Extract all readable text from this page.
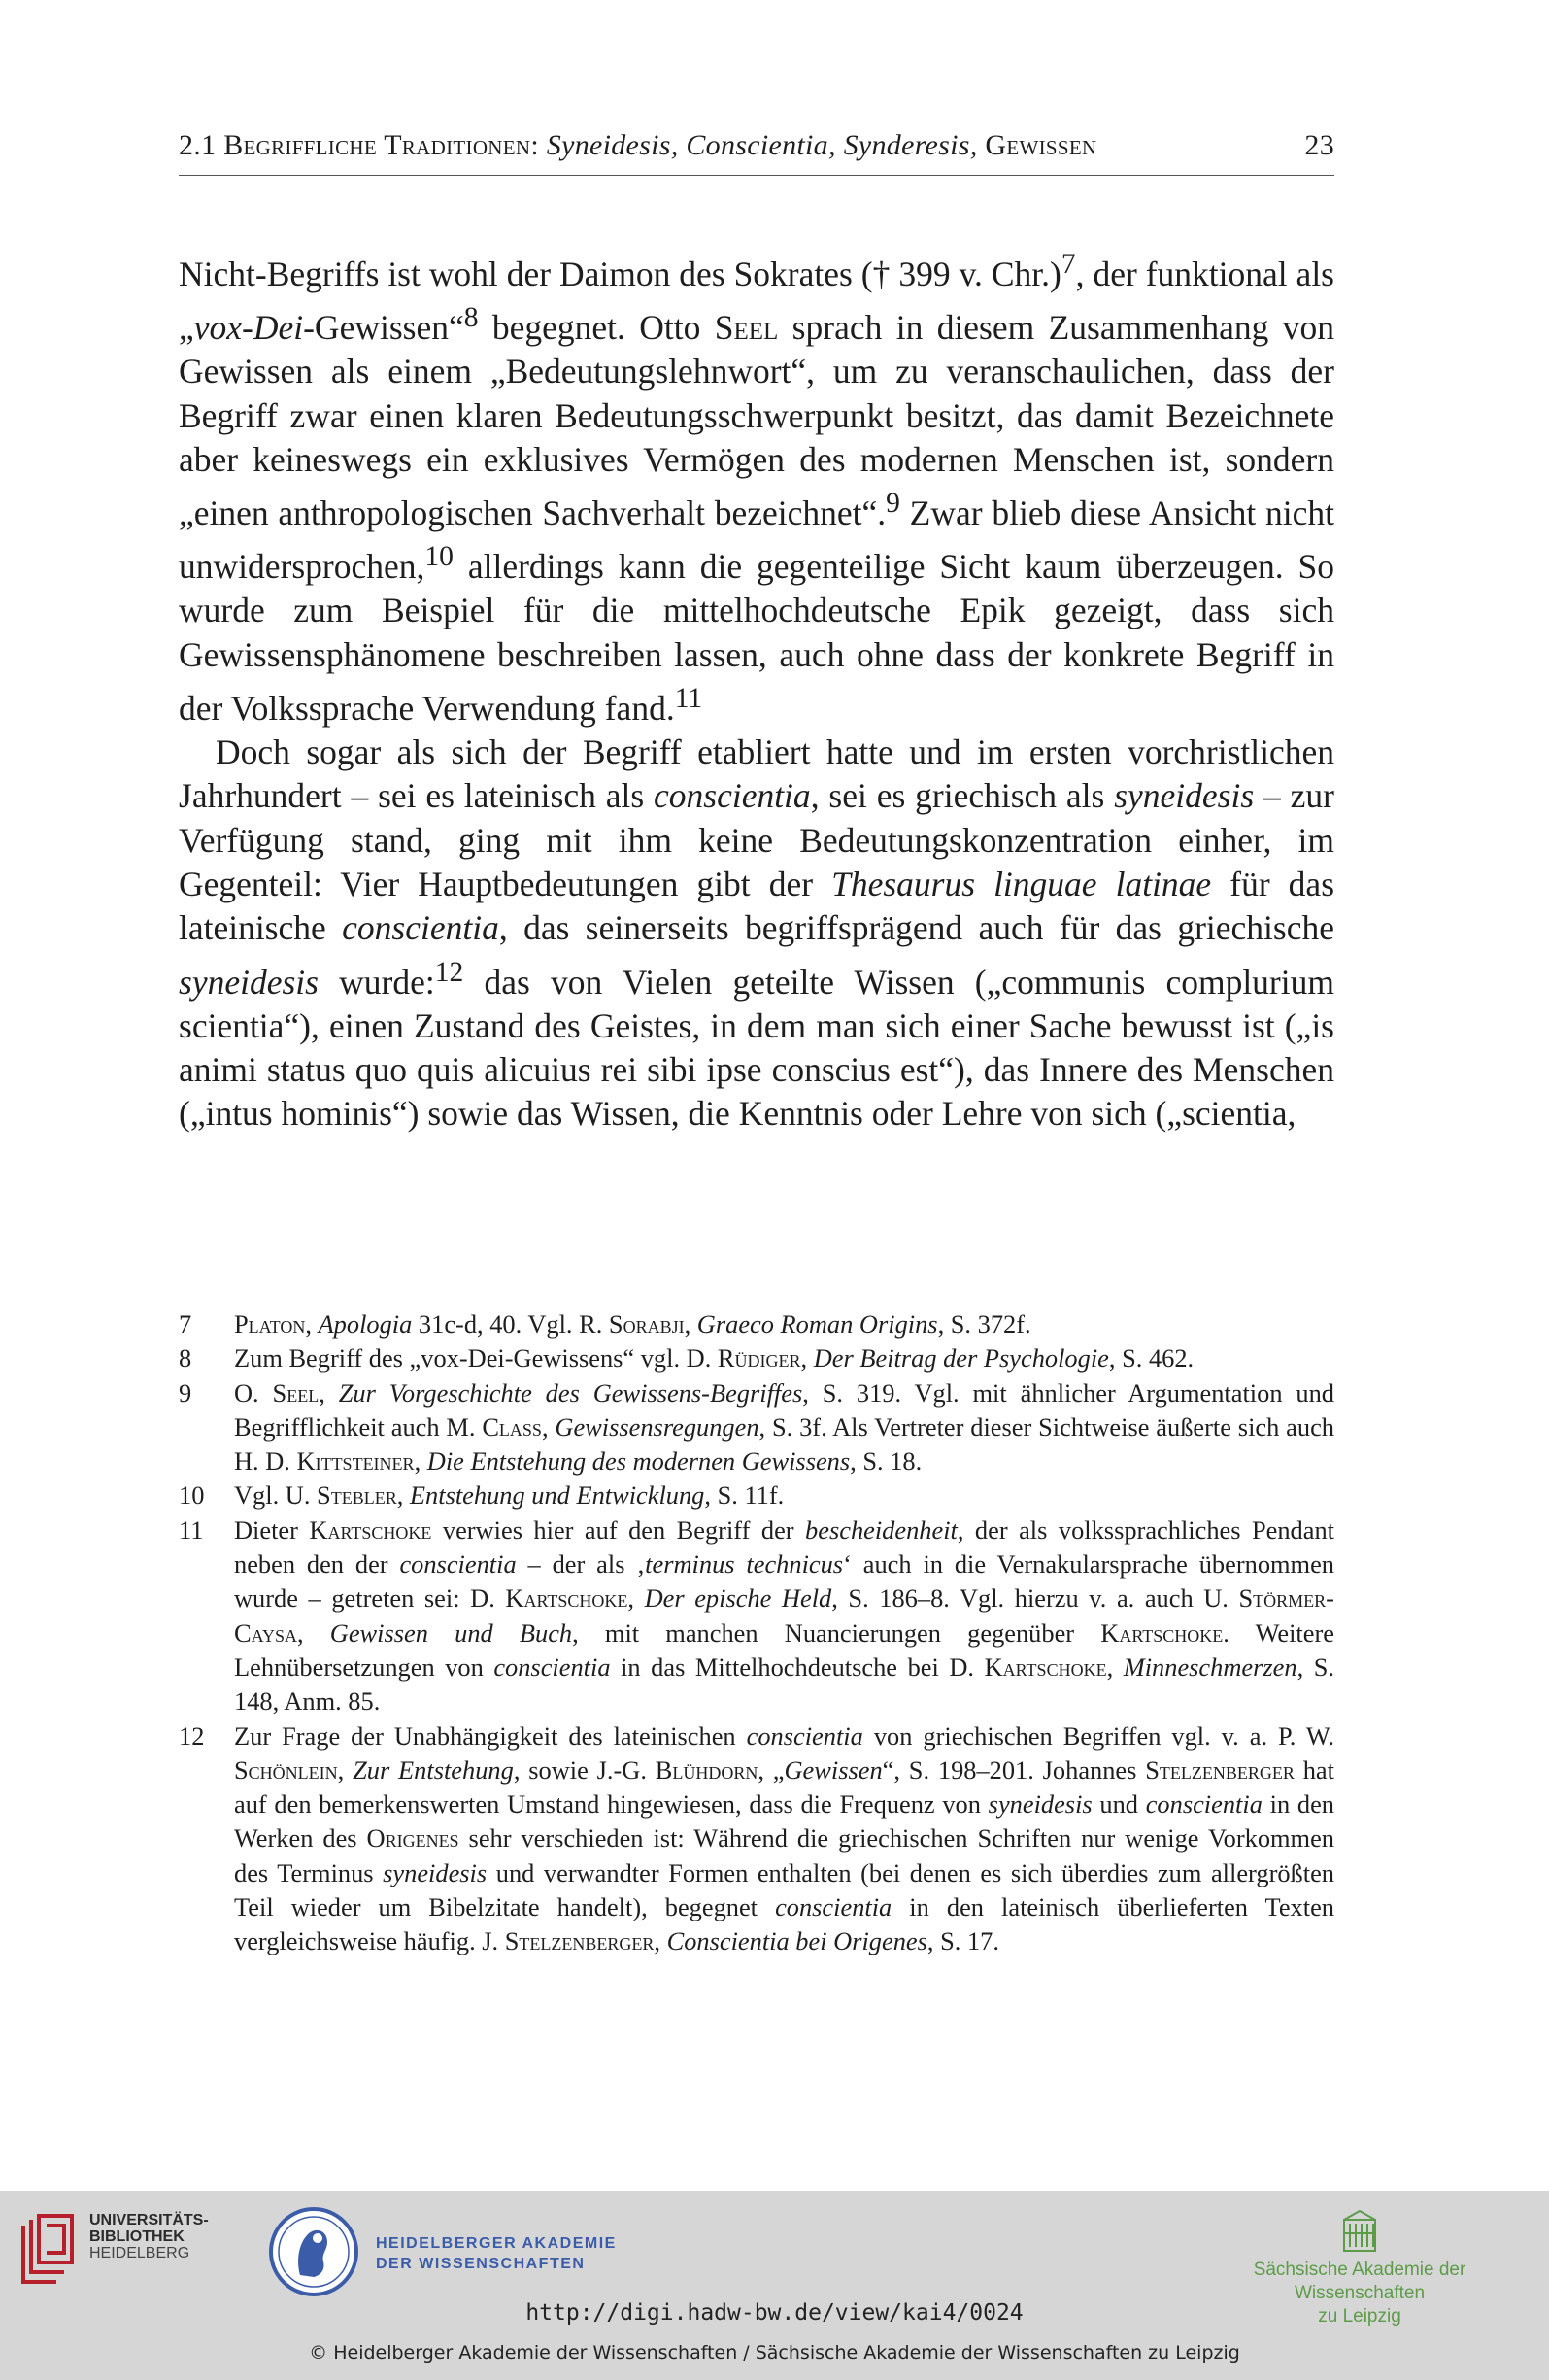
2.1 Begriffliche Traditionen: Syneidesis, Conscientia, Synderesis, Gewissen	23

Nicht-Begriffs ist wohl der Daimon des Sokrates († 399 v. Chr.)$^7$, der funktional als „vox-Dei-Gewissen“$^8$ begegnet. Otto Seel sprach in diesem Zusammenhang von Gewissen als einem „Bedeutungslehnwort“, um zu veranschaulichen, dass der Begriff zwar einen klaren Bedeutungsschwerpunkt besitzt, das damit Bezeichnete aber keineswegs ein exklusives Vermögen des modernen Menschen ist, sondern „einen anthropologischen Sachverhalt bezeichnet“.$^9$ Zwar blieb diese Ansicht nicht unwidersprochen,$^{10}$ allerdings kann die gegenteilige Sicht kaum überzeugen. So wurde zum Beispiel für die mittelhochdeutsche Epik gezeigt, dass sich Gewissensphänomene beschreiben lassen, auch ohne dass der konkrete Begriff in der Volkssprache Verwendung fand.$^{11}$

Doch sogar als sich der Begriff etabliert hatte und im ersten vorchristlichen Jahrhundert – sei es lateinisch als conscientia, sei es griechisch als syneidesis – zur Verfügung stand, ging mit ihm keine Bedeutungskonzentration einher, im Gegenteil: Vier Hauptbedeutungen gibt der Thesaurus linguae latinae für das lateinische conscientia, das seinerseits begriffsprägend auch für das griechische syneidesis wurde:$^{12}$ das von Vielen geteilte Wissen („communis complurium scientia“), einen Zustand des Geistes, in dem man sich einer Sache bewusst ist („is animi status quo quis alicuius rei sibi ipse conscius est“), das Innere des Menschen („intus hominis“) sowie das Wissen, die Kenntnis oder Lehre von sich („scientia,

7	Platon, Apologia 31c-d, 40. Vgl. R. Sorabji, Graeco Roman Origins, S. 372f.
8	Zum Begriff des „vox-Dei-Gewissens“ vgl. D. Rüdiger, Der Beitrag der Psychologie, S. 462.
9	O. Seel, Zur Vorgeschichte des Gewissens-Begriffes, S. 319. Vgl. mit ähnlicher Argumentation und Begrifflichkeit auch M. Class, Gewissensregungen, S. 3f. Als Vertreter dieser Sichtweise äußerte sich auch H. D. Kittsteiner, Die Entstehung des modernen Gewissens, S. 18.
10	Vgl. U. Stebler, Entstehung und Entwicklung, S. 11f.
11	Dieter Kartschoke verwies hier auf den Begriff der bescheidenheit, der als volkssprachliches Pendant neben den der conscientia – der als ‚terminus technicus‘ auch in die Vernakularsprache übernommen wurde – getreten sei: D. Kartschoke, Der epische Held, S. 186–8. Vgl. hierzu v. a. auch U. Störmer-Caysa, Gewissen und Buch, mit manchen Nuancierungen gegenüber Kartschoke. Weitere Lehnübersetzungen von conscientia in das Mittelhochdeutsche bei D. Kartschoke, Minneschmerzen, S. 148, Anm. 85.
12	Zur Frage der Unabhängigkeit des lateinischen conscientia von griechischen Begriffen vgl. v. a. P. W. Schönlein, Zur Entstehung, sowie J.-G. Blühdorn, „Gewissen“, S. 198–201. Johannes Stelzenberger hat auf den bemerkenswerten Umstand hingewiesen, dass die Frequenz von syneidesis und conscientia in den Werken des Origenes sehr verschieden ist: Während die griechischen Schriften nur wenige Vorkommen des Terminus syneidesis und verwandter Formen enthalten (bei denen es sich überdies zum allergrößten Teil wieder um Bibelzitate handelt), begegnet conscientia in den lateinisch überlieferten Texten vergleichsweise häufig. J. Stelzenberger, Conscientia bei Origenes, S. 17.
UNIVERSITÄTS-
BIBLIOTHEK
HEIDELBERG
HEIDELBERGER AKADEMIE
DER WISSENSCHAFTEN	Sächsische Akademie der Wissenschaften
zu Leipzig
http://digi.hadw-bw.de/view/kai4/0024
© Heidelberger Akademie der Wissenschaften / Sächsische Akademie der Wissenschaften zu Leipzig
